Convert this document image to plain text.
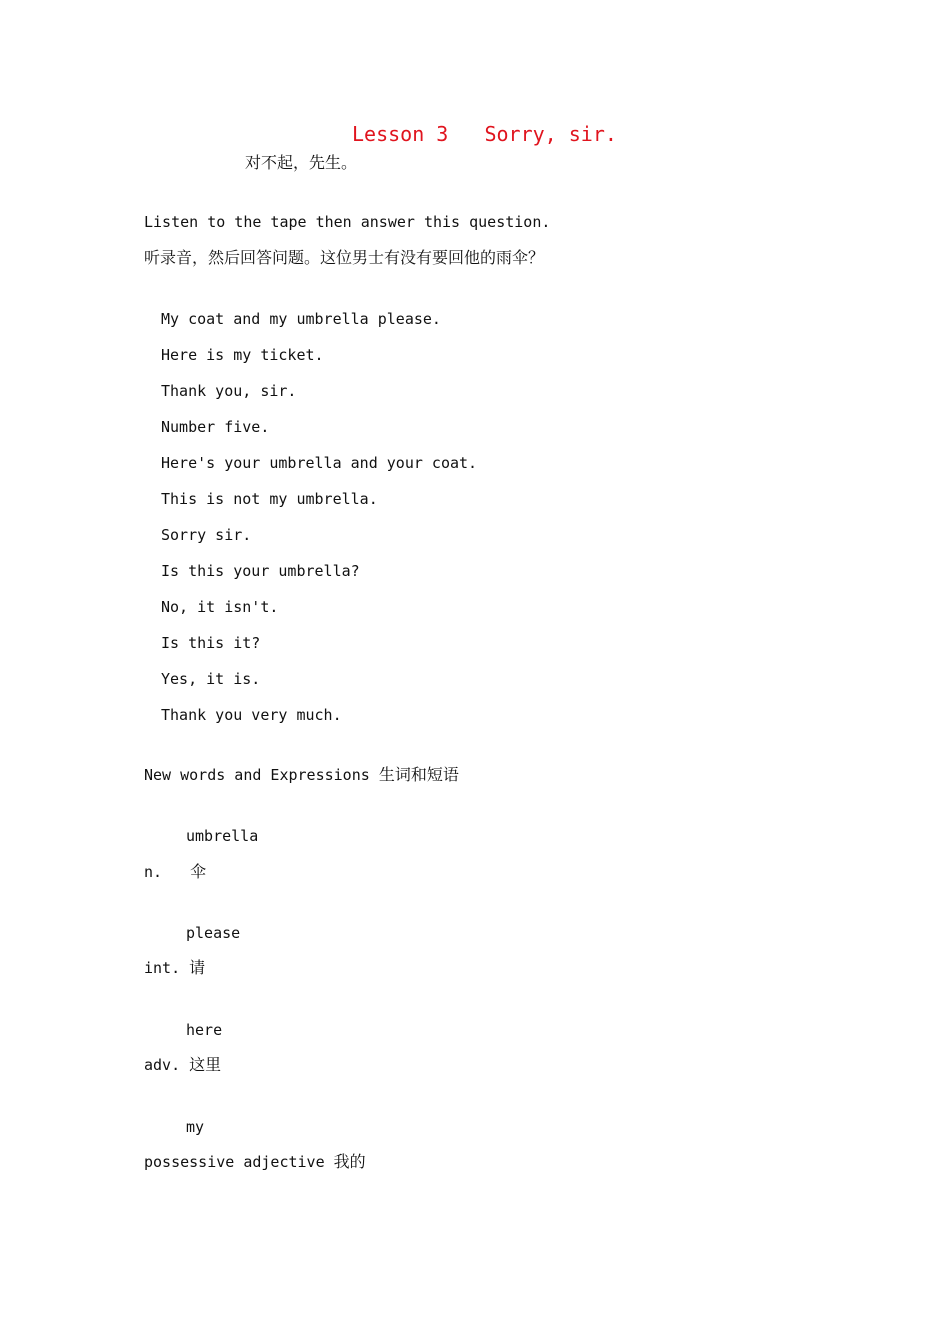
Lesson 3   Sorry, sir.
对不起，先生。
Listen to the tape then answer this question.
听录音，然后回答问题。这位男士有没有要回他的雨伞？
My coat and my umbrella please.
Here is my ticket.
Thank you, sir.
Number five.
Here's your umbrella and your coat.
This is not my umbrella.
Sorry sir.
Is this your umbrella?
No, it isn't.
Is this it?
Yes, it is.
Thank you very much.
New words and Expressions 生词和短语
umbrella
n. 伞
please
int. 请
here
adv. 这里
my
possessive adjective 我的
